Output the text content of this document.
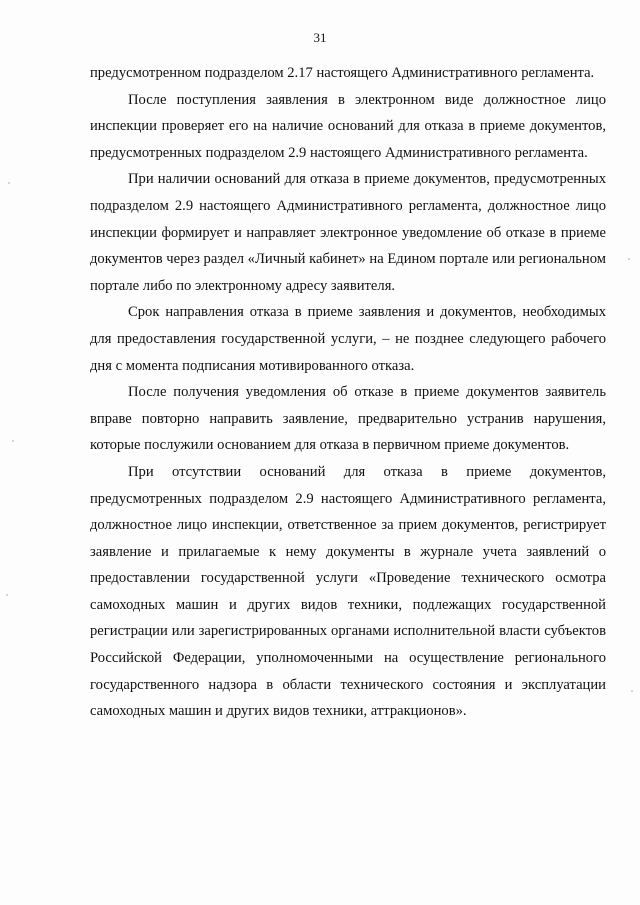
31

предусмотренном подразделом 2.17 настоящего Административного регламента.

После поступления заявления в электронном виде должностное лицо инспекции проверяет его на наличие оснований для отказа в приеме документов, предусмотренных подразделом 2.9 настоящего Административного регламента.

При наличии оснований для отказа в приеме документов, предусмотренных подразделом 2.9 настоящего Административного регламента, должностное лицо инспекции формирует и направляет электронное уведомление об отказе в приеме документов через раздел «Личный кабинет» на Едином портале или региональном портале либо по электронному адресу заявителя.

Срок направления отказа в приеме заявления и документов, необходимых для предоставления государственной услуги, – не позднее следующего рабочего дня с момента подписания мотивированного отказа.

После получения уведомления об отказе в приеме документов заявитель вправе повторно направить заявление, предварительно устранив нарушения, которые послужили основанием для отказа в первичном приеме документов.

При отсутствии оснований для отказа в приеме документов, предусмотренных подразделом 2.9 настоящего Административного регламента, должностное лицо инспекции, ответственное за прием документов, регистрирует заявление и прилагаемые к нему документы в журнале учета заявлений о предоставлении государственной услуги «Проведение технического осмотра самоходных машин и других видов техники, подлежащих государственной регистрации или зарегистрированных органами исполнительной власти субъектов Российской Федерации, уполномоченными на осуществление регионального государственного надзора в области технического состояния и эксплуатации самоходных машин и других видов техники, аттракционов».
